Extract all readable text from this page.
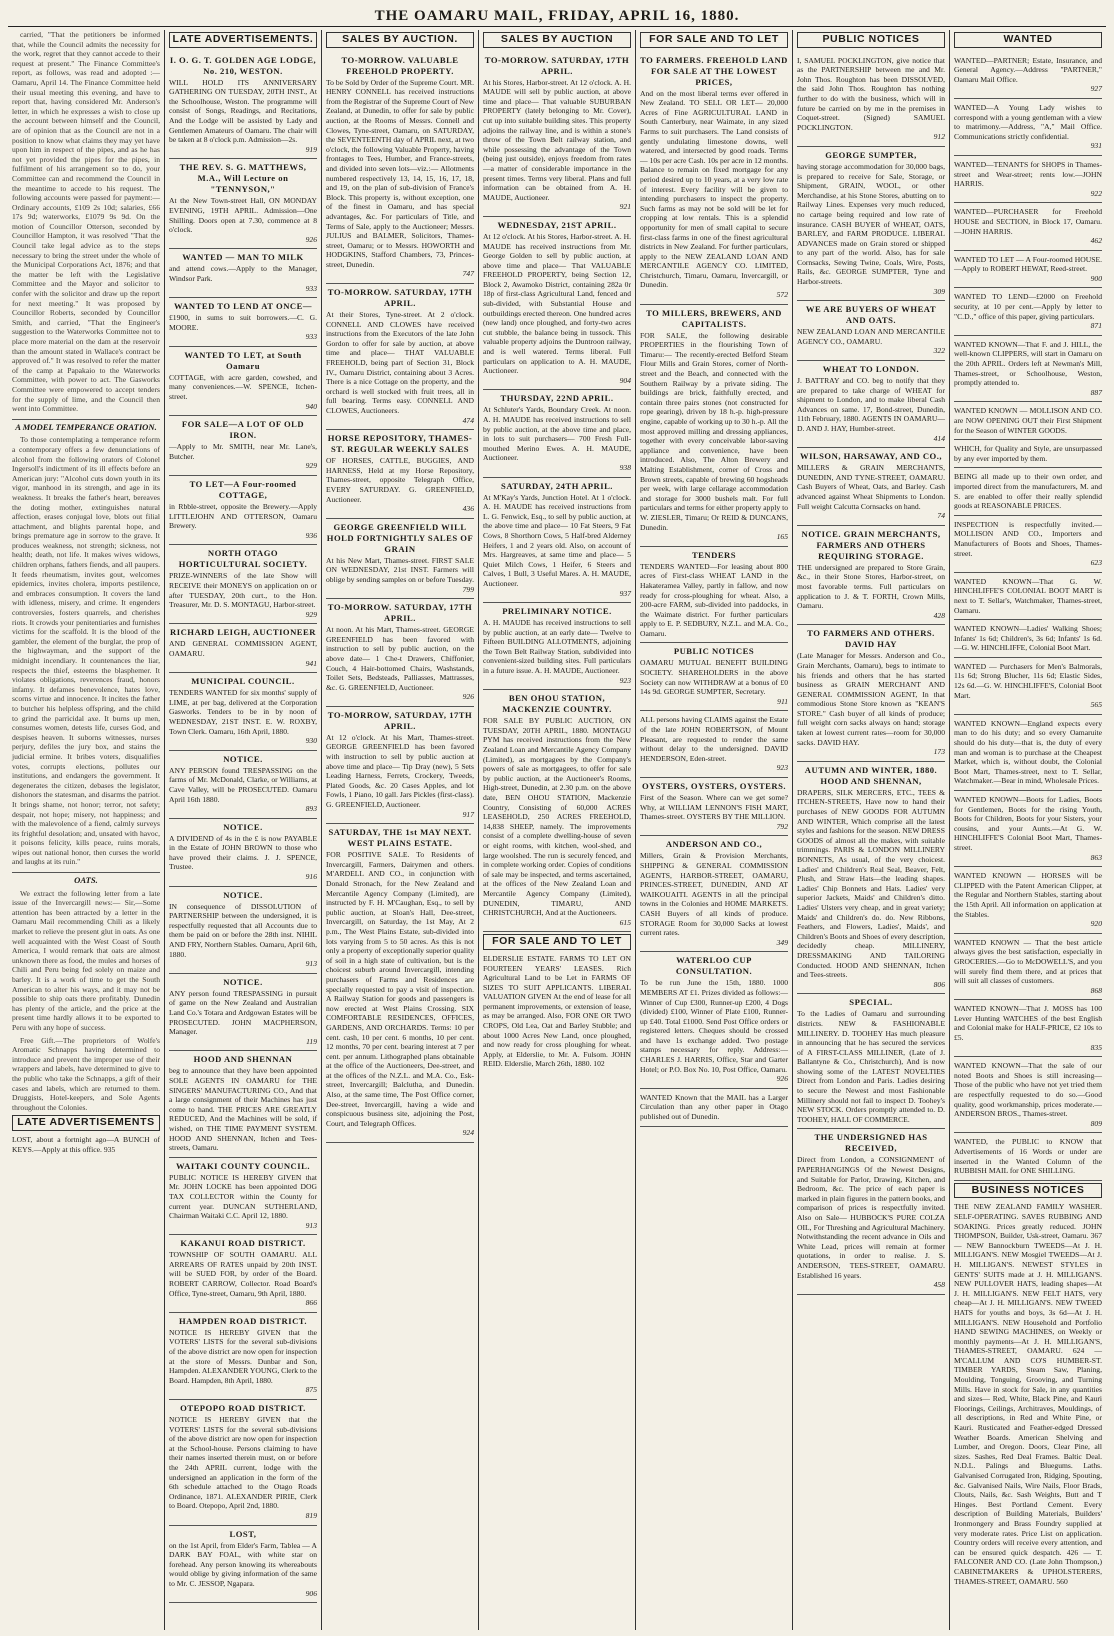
THE OAMARU MAIL, FRIDAY, APRIL 16, 1880.

carried, "That the petitioners be informed that, while the Council admits the necessity for the work, regret that they cannot accede to their request at present." The Finance Committee's report, as follows, was read and adopted :— Oamaru, April 14. The Finance Committee held their usual meeting this evening, and have to report that, having considered Mr. Anderson's letter, in which he expresses a wish to close up the account between himself and the Council, are of opinion that as the Council are not in a position to know what claims they may yet have upon him in respect of the pipes, and as he has not yet provided the pipes for the pipes, in fulfilment of his arrangement so to do, your Committee can and recommend the Council in the meantime to accede to his request. The following accounts were passed for payment:—Ordinary accounts, £109 2s 10d; salaries, £66 17s 9d; waterworks, £1079 9s 9d. On the motion of Councillor Otterson, seconded by Councillor Hampton, it was resolved "That the Council take legal advice as to the steps necessary to bring the street under the whole of the Municipal Corporations Act, 1876; and that the matter be left with the Legislative Committee and the Mayor and solicitor to confer with the solicitor and draw up the report for next meeting." It was proposed by Councillor Roberts, seconded by Councillor Smith, and carried, "That the Engineer's suggestion to the Waterworks Committee not to place more material on the dam at the reservoir than the amount stated in Wallace's contract be approved of." It was resolved to refer the matter of the camp at Papakaio to the Waterworks Committee, with power to act. The Gasworks Committee were empowered to accept tenders for the supply of lime, and the Council then went into Committee.

A MODEL TEMPERANCE ORATION.

To those contemplating a temperance reform a contemporary offers a few denunciations of alcohol from the following orators of Colonel Ingersoll's indictment of its ill effects before an American jury: "Alcohol cuts down youth in its vigor, manhood in its strength, and age in its weakness. It breaks the father's heart, bereaves the doting mother, extinguishes natural affection, erases conjugal love, blots out filial attachment, and blights parental hope, and brings premature age in sorrow to the grave. It produces weakness, not strength; sickness, not health; death, not life. It makes wives widows, children orphans, fathers fiends, and all paupers. It feeds rheumatism, invites gout, welcomes epidemics, invites cholera, imports pestilence, and embraces consumption. It covers the land with idleness, misery, and crime. It engenders controversies, fosters quarrels, and cherishes riots. It crowds your penitentiaries and furnishes victims for the scaffold. It is the blood of the gambler, the element of the burglar, the prop of the highwayman, and the support of the midnight incendiary. It countenances the liar, respects the thief, esteems the blasphemer. It violates obligations, reverences fraud, honors infamy. It defames benevolence, hates love, scorns virtue and innocence. It incites the father to butcher his helpless offspring, and the child to grind the parricidal axe. It burns up men, consumes women, detests life, curses God, and despises heaven. It suborns witnesses, nurses perjury, defiles the jury box, and stains the judicial ermine. It bribes voters, disqualifies votes, corrupts elections, pollutes our institutions, and endangers the government. It degenerates the citizen, debases the legislator, dishonors the statesman, and disarms the patriot. It brings shame, not honor; terror, not safety; despair, not hope; misery, not happiness; and with the malevolence of a fiend, calmly surveys its frightful desolation; and, unsated with havoc, it poisons felicity, kills peace, ruins morals, wipes out national honor, then curses the world and laughs at its ruin."

OATS.

We extract the following letter from a late issue of the Invercargill news:— Sir,—Some attention has been attracted by a letter in the Oamaru Mail recommending Chili as a likely market to relieve the present glut in oats. As one well acquainted with the West Coast of South America, I would remark that oats are almost unknown there as food, the mules and horses of Chili and Peru being fed solely on maize and barley. It is a work of time to get the South American to alter his ways, and it may not be possible to ship oats there profitably. Dunedin has plenty of the article, and the price at the present time hardly allows it to be exported to Peru with any hope of success.

Free Gift.—The proprietors of Wolfe's Aromatic Schnapps having determined to introduce and prevent the improper use of their wrappers and labels, have determined to give to the public who take the Schnapps, a gift of their cases and labels, which are returned to them. Druggists, Hotel-keepers, and Sole Agents throughout the Colonies.

LATE ADVERTISEMENTS
LOST, about a fortnight ago—A BUNCH of KEYS.—Apply at this office. 935
LATE ADVERTISEMENTS.
I. O. G. T. GOLDEN AGE LODGE, No. 210, WESTON.
WILL HOLD ITS ANNIVERSARY GATHERING ON TUESDAY, 20TH INST., At the Schoolhouse, Weston. The programme will consist of Songs, Readings, and Recitations, And the Lodge will be assisted by Lady and Gentlemen Amateurs of Oamaru. The chair will be taken at 8 o'clock p.m. Admission—2s.
919
THE REV. S. G. MATTHEWS, M.A., Will Lecture on "TENNYSON,"
At the New Town-street Hall, ON MONDAY EVENING, 19TH APRIL. Admission—One Shilling. Doors open at 7.30, commence at 8 o'clock.
926
WANTED — MAN TO MILK
and attend cows.—Apply to the Manager, Windsor Park.
933
WANTED TO LEND AT ONCE—
£1900, in sums to suit borrowers.—C. G. MOORE.
933
WANTED TO LET, at South Oamaru
COTTAGE, with acre garden, cowshed, and many conveniences.—W. SPENCE, Itchen-street.
940
FOR SALE—A LOT OF OLD IRON.
—Apply to Mr. SMITH, near Mr. Lane's, Butcher.
929
TO LET—A Four-roomed COTTAGE,
in Rbble-street, opposite the Brewery.—Apply LITTLEJOHN AND OTTERSON, Oamaru Brewery.
936
NORTH OTAGO HORTICULTURAL SOCIETY.
PRIZE-WINNERS of the late Show will RECEIVE their MONEYS on application on or after TUESDAY, 20th curt., to the Hon. Treasurer, Mr. D. S. MONTAGU, Harbor-street.
929
RICHARD LEIGH, AUCTIONEER
AND GENERAL COMMISSION AGENT, OAMARU.
941
MUNICIPAL COUNCIL.
TENDERS WANTED for six months' supply of LIME, at per bag, delivered at the Corporation Gasworks. Tenders to be in by noon of WEDNESDAY, 21ST INST. E. W. ROXBY, Town Clerk. Oamaru, 16th April, 1880.
930
NOTICE.
ANY PERSON found TRESPASSING on the farms of Mr. McDonald, Clarke, or Williams, at Cave Valley, will be PROSECUTED. Oamaru April 16th 1880.
893
NOTICE.
A DIVIDEND of 4s in the £ is now PAYABLE in the Estate of JOHN BROWN to those who have proved their claims. J. J. SPENCE, Trustee.
916
NOTICE.
IN consequence of DISSOLUTION of PARTNERSHIP between the undersigned, it is respectfully requested that all Accounts due to them be paid on or before the 28th inst. NIHIL AND FRY, Northern Stables. Oamaru, April 6th, 1880.
913
NOTICE.
ANY person found TRESPASSING in pursuit of game on the New Zealand and Australian Land Co.'s Totara and Ardgowan Estates will be PROSECUTED. JOHN MACPHERSON, Manager.
119
HOOD AND SHENNAN
beg to announce that they have been appointed SOLE AGENTS IN OAMARU for THE SINGERS' MANUFACTURING CO., And that a large consignment of their Machines has just come to hand. THE PRICES ARE GREATLY REDUCED, And the Machines will be sold, if wished, on THE TIME PAYMENT SYSTEM. HOOD AND SHENNAN, Itchen and Tees-streets, Oamaru.
WAITAKI COUNTY COUNCIL.
PUBLIC NOTICE IS HEREBY GIVEN that Mr. JOHN LOCKE has been appointed DOG TAX COLLECTOR within the County for current year. DUNCAN SUTHERLAND, Chairman Waitaki C.C. April 12, 1880.
913
KAKANUI ROAD DISTRICT.
TOWNSHIP OF SOUTH OAMARU. ALL ARREARS OF RATES unpaid by 20th INST. will be SUED FOR, by order of the Board. ROBERT CARROW, Collector. Road Board's Office, Tyne-street, Oamaru, 9th April, 1880.
866
HAMPDEN ROAD DISTRICT.
NOTICE IS HEREBY GIVEN that the VOTERS' LISTS for the several sub-divisions of the above district are now open for inspection at the store of Messrs. Dunbar and Son, Hampden. ALEXANDER YOUNG, Clerk to the Board. Hampden, 8th April, 1880.
875
OTEPOPO ROAD DISTRICT.
NOTICE IS HEREBY GIVEN that the VOTERS' LISTS for the several sub-divisions of the above district are now open for inspection at the School-house. Persons claiming to have their names inserted therein must, on or before the 24th APRIL current, lodge with the undersigned an application in the form of the 6th schedule attached to the Otago Roads Ordinance, 1871. ALEXANDER PIRIE, Clerk to Board. Otepopo, April 2nd, 1880.
819
LOST,
on the 1st April, from Elder's Farm, Tablea — A DARK BAY FOAL, with white star on forehead. Any person knowing its whereabouts would oblige by giving information of the same to Mr. C. JESSOP, Ngapara.
906
SALES BY AUCTION.
TO-MORROW. VALUABLE FREEHOLD PROPERTY.
To be Sold by Order of the Supreme Court. MR. HENRY CONNELL has received instructions from the Registrar of the Supreme Court of New Zealand, at Dunedin, to offer for sale by public auction, at the Rooms of Messrs. Connell and Clowes, Tyne-street, Oamaru, on SATURDAY, the SEVENTEENTH day of APRIL next, at two o'clock, the following Valuable Property, having frontages to Tees, Humber, and France-streets, and divided into seven lots—viz.:— Allotments numbered respectively 13, 14, 15, 16, 17, 18, and 19, on the plan of sub-division of France's Block. This property is, without exception, one of the finest in Oamaru, and has special advantages, &c. For particulars of Title, and Terms of Sale, apply to the Auctioneer; Messrs. JULIUS and BALMER, Solicitors, Thames-street, Oamaru; or to Messrs. HOWORTH and HODGKINS, Stafford Chambers, 73, Princes-street, Dunedin.
747
TO-MORROW. SATURDAY, 17TH APRIL.
At their Stores, Tyne-street. At 2 o'clock. CONNELL AND CLOWES have received instructions from the Executors of the late John Gordon to offer for sale by auction, at above time and place— THAT VALUABLE FREEHOLD, being part of Section 31, Block IV., Oamaru District, containing about 3 Acres. There is a nice Cottage on the property, and the orchard is well stocked with fruit trees, all in full bearing. Terms easy. CONNELL AND CLOWES, Auctioneers.
474
HORSE REPOSITORY, THAMES-ST. REGULAR WEEKLY SALES
OF HORSES, CATTLE, BUGGIES, AND HARNESS, Held at my Horse Repository, Thames-street, opposite Telegraph Office, EVERY SATURDAY. G. GREENFIELD, Auctioneer.
436
GEORGE GREENFIELD WILL HOLD FORTNIGHTLY SALES OF GRAIN
At his New Mart, Thames-street. FIRST SALE ON WEDNESDAY, 21st INST. Farmers will oblige by sending samples on or before Tuesday.
799
TO-MORROW. SATURDAY, 17TH APRIL.
At noon. At his Mart, Thames-street. GEORGE GREENFIELD has been favored with instruction to sell by public auction, on the above date— 1 Che-t Drawers, Chiffonier, Couch, 4 Hair-bottomed Chairs, Washstands, Toilet Sets, Bedsteads, Palliasses, Mattrasses, &c. G. GREENFIELD, Auctioneer.
926
TO-MORROW, SATURDAY, 17TH APRIL.
At 12 o'clock. At his Mart, Thames-street. GEORGE GREENFIELD has been favored with instruction to sell by public auction at above time and place— Tip Dray (new), 5 Sets Leading Harness, Ferrets, Crockery, Tweeds, Plated Goods, &c. 20 Cases Apples, and lot Fowls, 1 Piano, 10 gall. Jars Pickles (first-class). G. GREENFIELD, Auctioneer.
917
SATURDAY, THE 1st MAY NEXT. WEST PLAINS ESTATE.
FOR POSITIVE SALE. To Residents of Invercargill, Farmers, Dairymen and others. M'ARDELL AND CO., in conjunction with Donald Stronach, for the New Zealand and Mercantile Agency Company (Limited), are instructed by F. H. M'Caughan, Esq., to sell by public auction, at Sloan's Hall, Dee-street, Invercargill, on Saturday, the 1st May, At 2 p.m., The West Plains Estate, sub-divided into lots varying from 5 to 50 acres. As this is not only a property of exceptionally superior quality of soil in a high state of cultivation, but is the choicest suburb around Invercargill, intending purchasers of Farms and Residences are specially requested to pay a visit of inspection. A Railway Station for goods and passengers is now erected at West Plains Crossing. SIX COMFORTABLE RESIDENCES, OFFICES, GARDENS, AND ORCHARDS. Terms: 10 per cent. cash, 10 per cent. 6 months, 10 per cent. 12 months, 70 per cent. bearing interest at 7 per cent. per annum. Lithographed plans obtainable at the office of the Auctioneers, Dee-street, and at the offices of the N.Z.L. and M.A. Co., Esk-street, Invercargill; Balclutha, and Dunedin. Also, at the same time, The Post Office corner, Dee-street, Invercargill, having a wide and conspicuous business site, adjoining the Post, Court, and Telegraph Offices.
924
SALES BY AUCTION
TO-MORROW. SATURDAY, 17TH APRIL.
At his Stores, Harbor-street. At 12 o'clock. A. H. MAUDE will sell by public auction, at above time and place— That valuable SUBURBAN PROPERTY (lately belonging to Mr. Cover), cut up into suitable building sites. This property adjoins the railway line, and is within a stone's throw of the Town Belt railway station, and while possessing the advantage of the Town (being just outside), enjoys freedom from rates—a matter of considerable importance in the present times. Terms very liberal. Plans and full information can be obtained from A. H. MAUDE, Auctioneer.
921
WEDNESDAY, 21ST APRIL.
At 12 o'clock. At his Stores, Harbor-street. A. H. MAUDE has received instructions from Mr. George Golden to sell by public auction, at above time and place— That VALUABLE FREEHOLD PROPERTY, being Section 12, Block 2, Awamoko District, containing 282a 0r 18p of first-class Agricultural Land, fenced and sub-divided, with Substantial House and outbuildings erected thereon. One hundred acres (new land) once ploughed, and forty-two acres cut stubble, the balance being in tussock. This valuable property adjoins the Duntroon railway, and is well watered. Terms liberal. Full particulars on application to A. H. MAUDE, Auctioneer.
904
THURSDAY, 22ND APRIL.
At Schluter's Yards, Boundary Creek. At noon. A. H. MAUDE has received instructions to sell by public auction, at the above time and place, in lots to suit purchasers— 700 Fresh Full-mouthed Merino Ewes. A. H. MAUDE, Auctioneer.
938
SATURDAY, 24TH APRIL.
At M'Kay's Yards, Junction Hotel. At 1 o'clock. A. H. MAUDE has received instructions from L. G. Fenwick, Esq., to sell by public auction, at the above time and place— 10 Fat Steers, 9 Fat Cows, 8 Shorthorn Cows, 5 Half-bred Alderney Heifers, 1 and 2 years old. Also, on account of Mrs. Hargreaves, at same time and place— 5 Quiet Milch Cows, 1 Heifer, 6 Steers and Calves, 1 Bull, 3 Useful Mares. A. H. MAUDE, Auctioneer.
937
PRELIMINARY NOTICE.
A. H. MAUDE has received instructions to sell by public auction, at an early date— Twelve to Fifteen BUILDING ALLOTMENTS, adjoining the Town Belt Railway Station, subdivided into convenient-sized building sites. Full particulars in a future issue. A. H. MAUDE, Auctioneer.
923
BEN OHOU STATION, MACKENZIE COUNTRY.
FOR SALE BY PUBLIC AUCTION, ON TUESDAY, 20TH APRIL, 1880. MONTAGU PYM has received instructions from the New Zealand Loan and Mercantile Agency Company (Limited), as mortgagees by the Company's powers of sale as mortgagees, to offer for sale by public auction, at the Auctioneer's Rooms, High-street, Dunedin, at 2.30 p.m. on the above date, BEN OHOU STATION, Mackenzie Country, Consisting of 60,000 ACRES LEASEHOLD, 250 ACRES FREEHOLD, 14,838 SHEEP, namely. The improvements consist of a complete dwelling-house of seven or eight rooms, with kitchen, wool-shed, and large woolshed. The run is securely fenced, and in complete working order. Copies of conditions of sale may be inspected, and terms ascertained, at the offices of the New Zealand Loan and Mercantile Agency Company (Limited), DUNEDIN, TIMARU, AND CHRISTCHURCH, And at the Auctioneers.
615
FOR SALE AND TO LET
ELDERSLIE ESTATE. FARMS TO LET ON FOURTEEN YEARS' LEASES. Rich Agricultural Land to be Let in FARMS OF SIZES TO SUIT APPLICANTS. LIBERAL VALUATION GIVEN At the end of lease for all permanent improvements, or extension of lease, as may be arranged. Also, FOR ONE OR TWO CROPS, Old Lea, Oat and Barley Stubble; and about 1000 Acres New Land, once ploughed, and now ready for cross ploughing for wheat. Apply, at Elderslie, to Mr. A. Fulsom. JOHN REID. Elderslie, March 26th, 1880. 102
FOR SALE AND TO LET
TO FARMERS. FREEHOLD LAND FOR SALE AT THE LOWEST PRICES,
And on the most liberal terms ever offered in New Zealand. TO SELL OR LET— 20,000 Acres of Fine AGRICULTURAL LAND in South Canterbury, near Waimate, in any sized Farms to suit purchasers. The Land consists of gently undulating limestone downs, well watered, and intersected by good roads. Terms— 10s per acre Cash. 10s per acre in 12 months. Balance to remain on fixed mortgage for any period desired up to 10 years, at a very low rate of interest. Every facility will be given to intending purchasers to inspect the property. Such farms as may not be sold will be let for cropping at low rentals. This is a splendid opportunity for men of small capital to secure first-class farms in one of the finest agricultural districts in New Zealand. For further particulars, apply to the NEW ZEALAND LOAN AND MERCANTILE AGENCY CO. LIMITED, Christchurch, Timaru, Oamaru, Invercargill, or Dunedin.
572
TO MILLERS, BREWERS, AND CAPITALISTS.
FOR SALE, the following desirable PROPERTIES in the flourishing Town of Timaru:— The recently-erected Belford Steam Flour Mills and Grain Stores, corner of North-street and the Beach, and connected with the Southern Railway by a private siding. The buildings are brick, faithfully erected, and contain three pairs stones (not constructed for rope gearing), driven by 18 h.-p. high-pressure engine, capable of working up to 30 h.-p. All the most approved milling and dressing appliances, together with every conceivable labor-saving appliance and convenience, have been introduced. Also, The Alton Brewery and Malting Establishment, corner of Cross and Brown streets, capable of brewing 60 hogsheads per week, with large cellarage accommodation and storage for 3000 bushels malt. For full particulars and terms for either property apply to W. ZIESLER, Timaru; Or REID & DUNCANS, Dunedin.
165
TENDERS
TENDERS WANTED—For leasing about 800 acres of First-class WHEAT LAND in the Hakateramea Valley, partly in fallow, and now ready for cross-ploughing for wheat. Also, a 200-acre FARM, sub-divided into paddocks, in the Waimate district. For further particulars apply to E. P. SEDBURY, N.Z.L. and M.A. Co., Oamaru.
PUBLIC NOTICES
OAMARU MUTUAL BENEFIT BUILDING SOCIETY. SHAREHOLDERS in the above Society can now WITHDRAW at a bonus of £0 14s 9d. GEORGE SUMPTER, Secretary.
911
ALL persons having CLAIMS against the Estate of the late JOHN ROBERTSON, of Mount Pleasant, are requested to render the same without delay to the undersigned. DAVID HENDERSON, Eden-street.
923
OYSTERS, OYSTERS, OYSTERS.
First of the Season. Where can we get some? Why, at WILLIAM LENNON'S FISH MART, Thames-street. OYSTERS BY THE MILLION.
792
ANDERSON AND CO.,
Millers, Grain & Provision Merchants, SHIPPING & GENERAL COMMISSION AGENTS, HARBOR-STREET, OAMARU, PRINCES-STREET, DUNEDIN, AND AT WAIKOUAITI. AGENTS in all the principal towns in the Colonies and HOME MARKETS. CASH Buyers of all kinds of produce. STORAGE Room for 30,000 Sacks at lowest current rates.
349
WATERLOO CUP CONSULTATION.
To be run June the 15th, 1880. 1000 MEMBERS AT £1. Prizes divided as follows:— Winner of Cup £300, Runner-up £200, 4 Dogs (divided) £100, Winner of Plate £100, Runner-up £40. Total £1000. Send Post Office orders or registered letters. Cheques should be crossed and have 1s exchange added. Two postage stamps necessary for reply. Address:—CHARLES J. HARRIS, Office, Star and Garter Hotel; or P.O. Box No. 10, Post Office, Oamaru.
926
WANTED Known that the MAIL has a Larger Circulation than any other paper in Otago published out of Dunedin.
PUBLIC NOTICES
I, SAMUEL POCKLINGTON, give notice that as the PARTNERSHIP between me and Mr. John Thos. Roughton has been DISSOLVED, the said John Thos. Roughton has nothing further to do with the business, which will in future be carried on by me in the premises in Coquet-street. (Signed) SAMUEL POCKLINGTON.
912
GEORGE SUMPTER,
having storage accommodation for 30,000 bags, is prepared to receive for Sale, Storage, or Shipment, GRAIN, WOOL, or other Merchandise, at his Stone Stores, abutting on to Railway Lines. Expenses very much reduced, no cartage being required and low rate of insurance. CASH BUYER of WHEAT, OATS, BARLEY, and FARM PRODUCE. LIBERAL ADVANCES made on Grain stored or shipped to any part of the world. Also, has for sale Cornsacks, Sewing Twine, Coals, Wire, Posts, Rails, &c. GEORGE SUMPTER, Tyne and Harbor-streets.
309
WE ARE BUYERS OF WHEAT AND OATS.
NEW ZEALAND LOAN AND MERCANTILE AGENCY CO., OAMARU.
322
WHEAT TO LONDON.
J. BATTRAY and CO. beg to notify that they are prepared to take charge of WHEAT for shipment to London, and to make liberal Cash Advances on same. 17, Bond-street, Dunedin, 11th February, 1880. AGENTS IN OAMARU— D. AND J. HAY, Humber-street.
414
WILSON, HARSAWAY, AND CO.,
MILLERS & GRAIN MERCHANTS, DUNEDIN, AND TYNE-STREET, OAMARU. Cash Buyers of Wheat, Oats, and Barley. Cash advanced against Wheat Shipments to London. Full weight Calcutta Cornsacks on hand.
74
NOTICE. GRAIN MERCHANTS, FARMERS AND OTHERS REQUIRING STORAGE.
THE undersigned are prepared to Store Grain, &c., in their Stone Stores, Harbor-street, on most favorable terms. Full particulars on application to J. & T. FORTH, Crown Mills, Oamaru.
428
TO FARMERS AND OTHERS. DAVID HAY
(Late Manager for Messrs. Anderson and Co., Grain Merchants, Oamaru), begs to intimate to his friends and others that he has started business as GRAIN MERCHANT AND GENERAL COMMISSION AGENT, In that commodious Stone Store known as "KEAN'S STORE." Cash buyer of all kinds of produce; full weight corn sacks always on hand; storage taken at lowest current rates—room for 30,000 sacks. DAVID HAY.
173
AUTUMN AND WINTER, 1880. HOOD AND SHENNAN,
DRAPERS, SILK MERCERS, ETC., TEES & ITCHEN-STREETS, Have now to hand their purchases of NEW GOODS FOR AUTUMN AND WINTER, Which comprise all the latest styles and fashions for the season. NEW DRESS GOODS of almost all the makes, with suitable trimmings. PARIS & LONDON MILLINERY BONNETS, As usual, of the very choicest. Ladies' and Children's Real Seal, Beaver, Felt, Plush, and Straw Hats—the leading shapes. Ladies' Chip Bonnets and Hats. Ladies' very superior Jackets, Maids' and Children's ditto. Ladies' Ulsters very cheap, and in great variety; Maids' and Children's do. do. New Ribbons, Feathers, and Flowers, Ladies', Maids', and Children's Boots and Shoes of every description, decidedly cheap. MILLINERY, DRESSMAKING AND TAILORING Conducted. HOOD AND SHENNAN, Itchen and Tees-streets.
806
SPECIAL.
To the Ladies of Oamaru and surrounding districts. NEW & FASHIONABLE MILLINERY. D. TOOHEY Has much pleasure in announcing that he has secured the services of A FIRST-CLASS MILLINER, (Late of J. Ballantyne & Co., Christchurch), And is now showing some of the LATEST NOVELTIES Direct from London and Paris. Ladies desiring to secure the Newest and most Fashionable Millinery should not fail to inspect D. Toohey's NEW STOCK. Orders promptly attended to. D. TOOHEY, HALL OF COMMERCE.
THE UNDERSIGNED HAS RECEIVED,
Direct from London, a CONSIGNMENT of PAPERHANGINGS Of the Newest Designs, and Suitable for Parlor, Drawing, Kitchen, and Bedroom, &c. The price of each paper is marked in plain figures in the pattern books, and comparison of prices is respectfully invited. Also on Sale— HUBBOCK'S PURE COLZA OIL, For Threshing and Agricultural Machinery. Notwithstanding the recent advance in Oils and White Lead, prices will remain at former quotations, in order to realise. J. S. ANDERSON, TEES-STREET, OAMARU. Established 16 years.
458
WANTED
WANTED—PARTNER; Estate, Insurance, and General Agency.—Address "PARTNER," Oamaru Mail Office.
927
WANTED—A Young Lady wishes to correspond with a young gentleman with a view to matrimony.—Address, "A," Mail Office. Communications strictly confidential.
931
WANTED—TENANTS for SHOPS in Thames-street and Wear-street; rents low.—JOHN HARRIS.
922
WANTED—PURCHASER for Freehold HOUSE and SECTION, in Block 17, Oamaru.—JOHN HARRIS.
462
WANTED TO LET — A Four-roomed HOUSE.—Apply to ROBERT HEWAT, Reed-street.
900
WANTED TO LEND—£2000 on Freehold security, at 10 per cent.—Apply by letter to "C.D.," office of this paper, giving particulars.
871
WANTED KNOWN—That F. and J. HILL, the well-known CLIPPERS, will start in Oamaru on the 20th APRIL. Orders left at Newman's Mill, Thames-street, or Schoolhouse, Weston, promptly attended to.
887
WANTED KNOWN — MOLLISON AND CO. are NOW OPENING OUT their First Shipment for the Season of WINTER GOODS.
WHICH, for Quality and Style, are unsurpassed by any ever imported by them.
BEING all made up to their own order, and imported direct from the manufacturers, M. and S. are enabled to offer their really splendid goods at REASONABLE PRICES.
INSPECTION is respectfully invited.— MOLLISON AND CO., Importers and Manufacturers of Boots and Shoes, Thames-street.
623
WANTED KNOWN—That G. W. HINCHLIFFE'S COLONIAL BOOT MART is next to T. Sellar's, Watchmaker, Thames-street, Oamaru.
WANTED KNOWN—Ladies' Walking Shoes; Infants' 1s 6d; Children's, 3s 6d; Infants' 1s 6d.—G. W. HINCHLIFFE, Colonial Boot Mart.
WANTED — Purchasers for Men's Balmorals, 11s 6d; Strong Blucher, 11s 6d; Elastic Sides, 12s 6d.—G. W. HINCHLIFFE'S, Colonial Boot Mart.
565
WANTED KNOWN—England expects every man to do his duty; and so every Oamaruite should do his duty—that is, the duty of every man and woman is to purchase at the Cheapest Market, which is, without doubt, the Colonial Boot Mart, Thames-street, next to T. Sellar, Watchmaker.—Bear in mind, Wholesale Prices.
WANTED KNOWN—Boots for Ladies, Boots for Gentlemen, Boots for the rising Youth, Boots for Children, Boots for your Sisters, your cousins, and your Aunts.—At G. W. HINCHLIFFE'S Colonial Boot Mart, Thames-street.
863
WANTED KNOWN — HORSES will be CLIPPED with the Patent American Clipper, at the Regular and Northern Stables, starting about the 15th April. All information on application at the Stables.
920
WANTED KNOWN — That the best article always gives the best satisfaction, especially in GROCERIES.—Go to McDOWELL'S, and you will surely find them there, and at prices that will suit all classes of customers.
868
WANTED KNOWN—That J. MOSS has 100 Lever Hunting WATCHES of the best English and Colonial make for HALF-PRICE, £2 10s to £5.
835
WANTED KNOWN—That the sale of our noted Boots and Shoes is still increasing—Those of the public who have not yet tried them are respectfully requested to do so.—Good quality, good workmanship, prices moderate.—ANDERSON BROS., Thames-street.
809
WANTED, the PUBLIC to KNOW that Advertisements of 16 Words or under are inserted in the Wanted Column of the RUBBISH MAIL for ONE SHILLING.
BUSINESS NOTICES
THE NEW ZEALAND FAMILY WASHER. SELF-OPERATING. SAVES RUBBING AND SOAKING. Prices greatly reduced. JOHN THOMPSON, Builder, Usk-street, Oamaru. 367 — NEW Bannockburn TWEEDS—At J. H. MILLIGAN'S. NEW Mosgiel TWEEDS—At J. H. MILLIGAN'S. NEWEST STYLES in GENTS' SUITS made at J. H. MILLIGAN'S. NEW PULLOVER HATS, leading shapes—At J. H. MILLIGAN'S. NEW FELT HATS, very cheap—At J. H. MILLIGAN'S. NEW TWEED HATS for youths and boys, 3s 6d—At J. H. MILLIGAN'S. NEW Household and Portfolio HAND SEWING MACHINES, on Weekly or monthly payments—At J. H. MILLIGAN'S, THAMES-STREET, OAMARU. 624 — M'CALLUM AND CO'S HUMBER-ST. TIMBER YARDS, Steam Saw, Planing, Moulding, Tonguing, Grooving, and Turning Mills. Have in stock for Sale, in any quantities and sizes— Red, White, Black Pine, and Kauri Floorings, Ceilings, Architraves, Mouldings, of all descriptions, in Red and White Pine, or Kauri. Rusticated and Feather-edged Dressed Weather Boards. American Shelving and Lumber, and Oregon. Doors, Clear Pine, all sizes. Sashes, Red Deal Frames. Baltic Deal. N.D.L. Palings and Bluegums. Laths. Galvanised Corrugated Iron, Ridging, Spouting, &c. Galvanised Nails, Wire Nails, Floor Brads, Clouts, Nails, &c. Sash Weights, Butt and T Hinges. Best Portland Cement. Every description of Building Materials, Builders' Ironmongery and Brass Foundry supplied at very moderate rates. Price List on application. Country orders will receive every attention, and can be ensured quick despatch. 426 — T. FALCONER AND CO. (Late John Thompson,) CABINETMAKERS & UPHOLSTERERS, THAMES-STREET, OAMARU. 560
